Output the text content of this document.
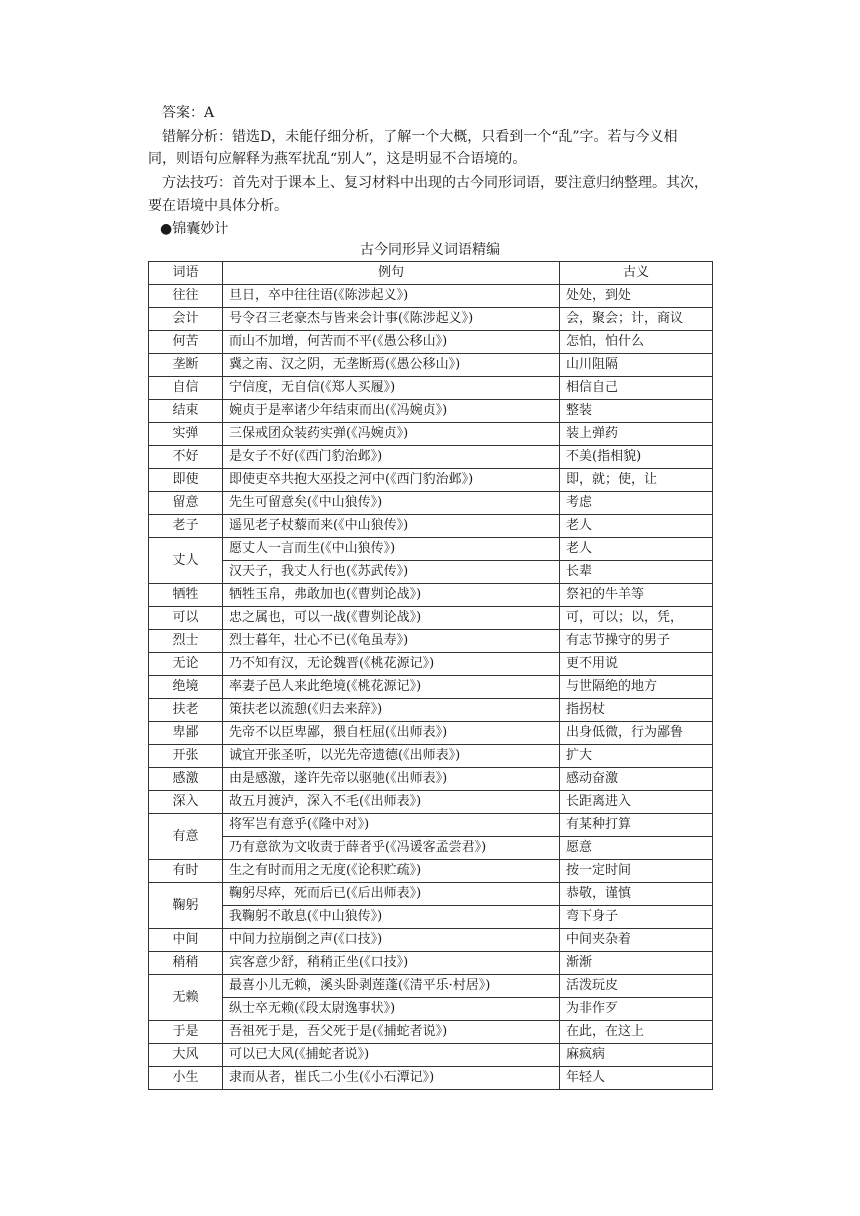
答案：A
错解分析：错选D，未能仔细分析，了解一个大概，只看到一个“乱”字。若与今义相
同，则语句应解释为燕军扰乱“别人”，这是明显不合语境的。
方法技巧：首先对于课本上、复习材料中出现的古今同形词语，要注意归纳整理。其次，
要在语境中具体分析。
●锦囊妙计
古今同形异义词语精编
词语	例句	古义
往往	旦日，卒中往往语(《陈涉起义》)	处处，到处
会计	号令召三老豪杰与皆来会计事(《陈涉起义》)	会，聚会；计，商议
何苦	而山不加增，何苦而不平(《愚公移山》)	怎怕，怕什么
垄断	冀之南、汉之阴，无垄断焉(《愚公移山》)	山川阻隔
自信	宁信度，无自信(《郑人买履》)	相信自己
结束	婉贞于是率诸少年结束而出(《冯婉贞》)	整装
实弹	三保戒团众装药实弹(《冯婉贞》)	装上弹药
不好	是女子不好(《西门豹治邺》)	不美(指相貌)
即使	即使吏卒共抱大巫投之河中(《西门豹治邺》)	即，就；使，让
留意	先生可留意矣(《中山狼传》)	考虑
老子	遥见老子杖藜而来(《中山狼传》)	老人
丈人	愿丈人一言而生(《中山狼传》)	老人
	汉天子，我丈人行也(《苏武传》)	长辈
牺牲	牺牲玉帛，弗敢加也(《曹刿论战》)	祭祀的牛羊等
可以	忠之属也，可以一战(《曹刿论战》)	可，可以；以，凭，
烈士	烈士暮年，壮心不已(《龟虽寿》)	有志节操守的男子
无论	乃不知有汉，无论魏晋(《桃花源记》)	更不用说
绝境	率妻子邑人来此绝境(《桃花源记》)	与世隔绝的地方
扶老	策扶老以流憩(《归去来辞》)	指拐杖
卑鄙	先帝不以臣卑鄙，猥自枉屈(《出师表》)	出身低微，行为鄙鲁
开张	诚宜开张圣听，以光先帝遗德(《出师表》)	扩大
感激	由是感激，遂许先帝以驱驰(《出师表》)	感动奋激
深入	故五月渡泸，深入不毛(《出师表》)	长距离进入
有意	将军岂有意乎(《隆中对》)	有某种打算
	乃有意欲为文收责于薛者乎(《冯谖客孟尝君》)	愿意
有时	生之有时而用之无度(《论积贮疏》)	按一定时间
鞠躬	鞠躬尽瘁，死而后已(《后出师表》)	恭敬，谨慎
	我鞠躬不敢息(《中山狼传》)	弯下身子
中间	中间力拉崩倒之声(《口技》)	中间夹杂着
稍稍	宾客意少舒，稍稍正坐(《口技》)	渐渐
无赖	最喜小儿无赖，溪头卧剥莲蓬(《清平乐·村居》)	活泼玩皮
	纵士卒无赖(《段太尉逸事状》)	为非作歹
于是	吾祖死于是，吾父死于是(《捕蛇者说》)	在此，在这上
大风	可以已大风(《捕蛇者说》)	麻疯病
小生	隶而从者，崔氏二小生(《小石潭记》)	年轻人
